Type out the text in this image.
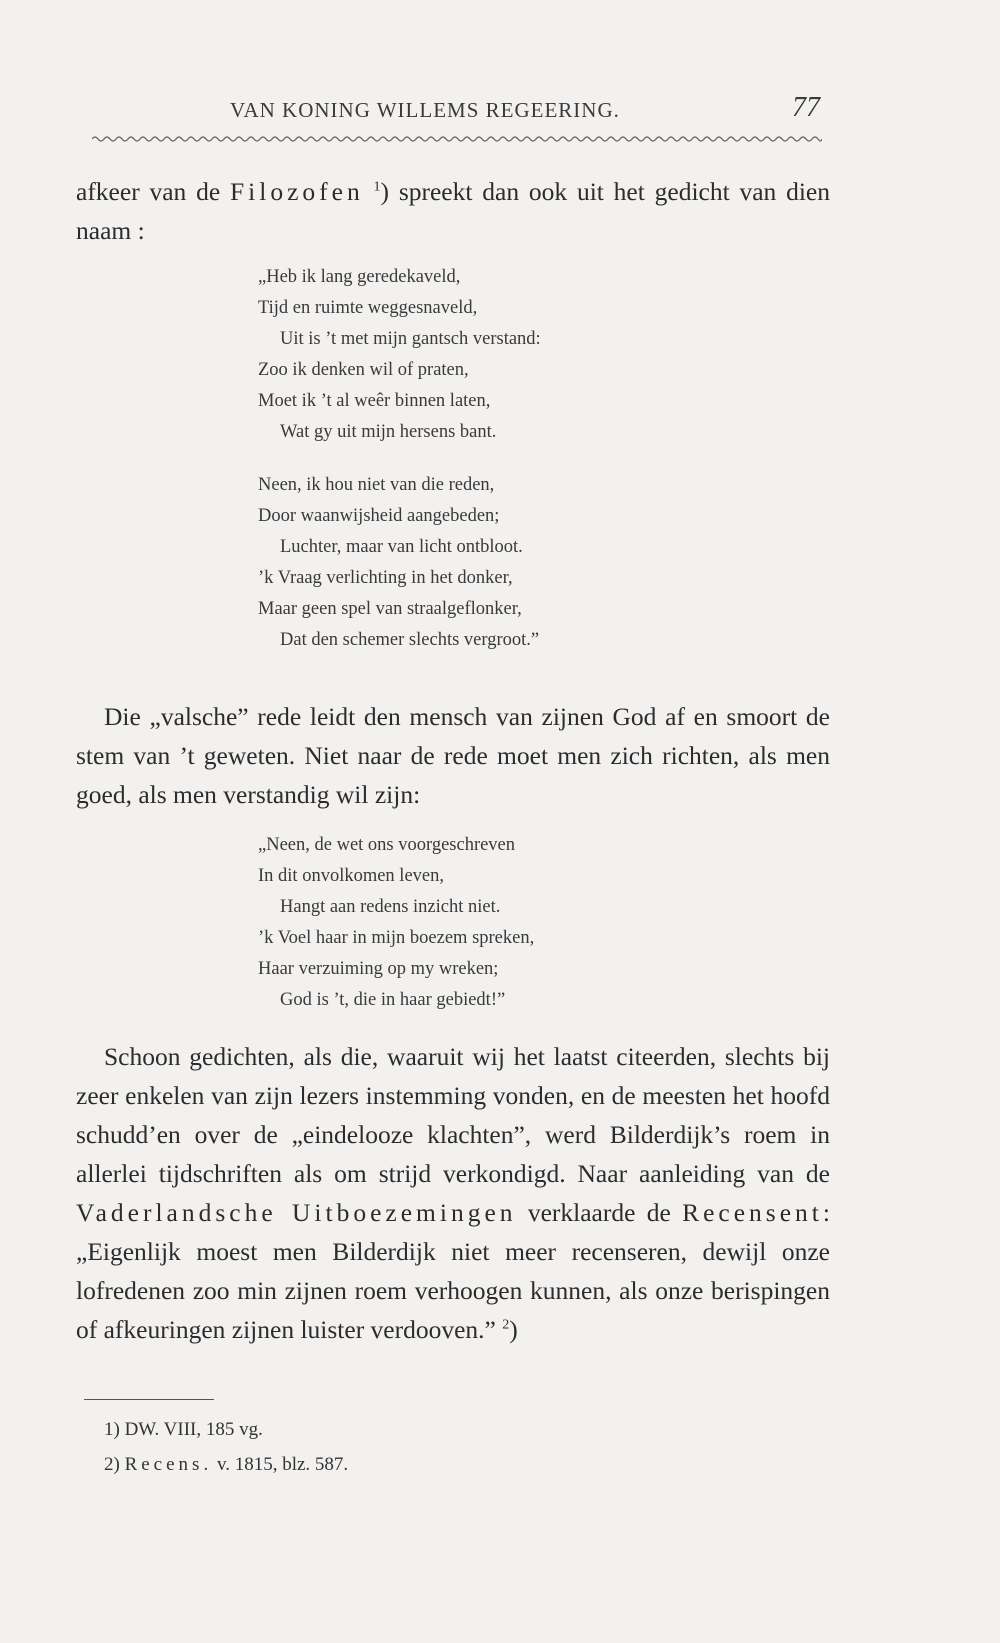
VAN KONING WILLEMS REGEERING.	77
afkeer van de Filozofen $^1$) spreekt dan ook uit het gedicht van dien naam :
„Heb ik lang geredekaveld,
Tijd en ruimte weggesnaveld,
Uit is ’t met mijn gantsch verstand:
Zoo ik denken wil of praten,
Moet ik ’t al weêr binnen laten,
Wat gy uit mijn hersens bant.
Neen, ik hou niet van die reden,
Door waanwijsheid aangebeden;
Luchter, maar van licht ontbloot.
’k Vraag verlichting in het donker,
Maar geen spel van straalgeflonker,
Dat den schemer slechts vergroot.”
Die „valsche” rede leidt den mensch van zijnen God af en smoort de stem van ’t geweten. Niet naar de rede moet men zich richten, als men goed, als men verstandig wil zijn:
„Neen, de wet ons voorgeschreven
In dit onvolkomen leven,
Hangt aan redens inzicht niet.
’k Voel haar in mijn boezem spreken,
Haar verzuiming op my wreken;
God is ’t, die in haar gebiedt!”
Schoon gedichten, als die, waaruit wij het laatst citeerden, slechts bij zeer enkelen van zijn lezers instemming vonden, en de meesten het hoofd schudd’en over de „eindelooze klachten”, werd Bilderdijk’s roem in allerlei tijdschriften als om strijd verkondigd. Naar aanleiding van de Vaderlandsche Uitboezemingen verklaarde de Recensent: „Eigenlijk moest men Bilderdijk niet meer recenseren, dewijl onze lofredenen zoo min zijnen roem verhoogen kunnen, als onze berispingen of afkeuringen zijnen luister verdooven.” $^2$)
1) DW. VIII, 185 vg.
2) Recens. v. 1815, blz. 587.
